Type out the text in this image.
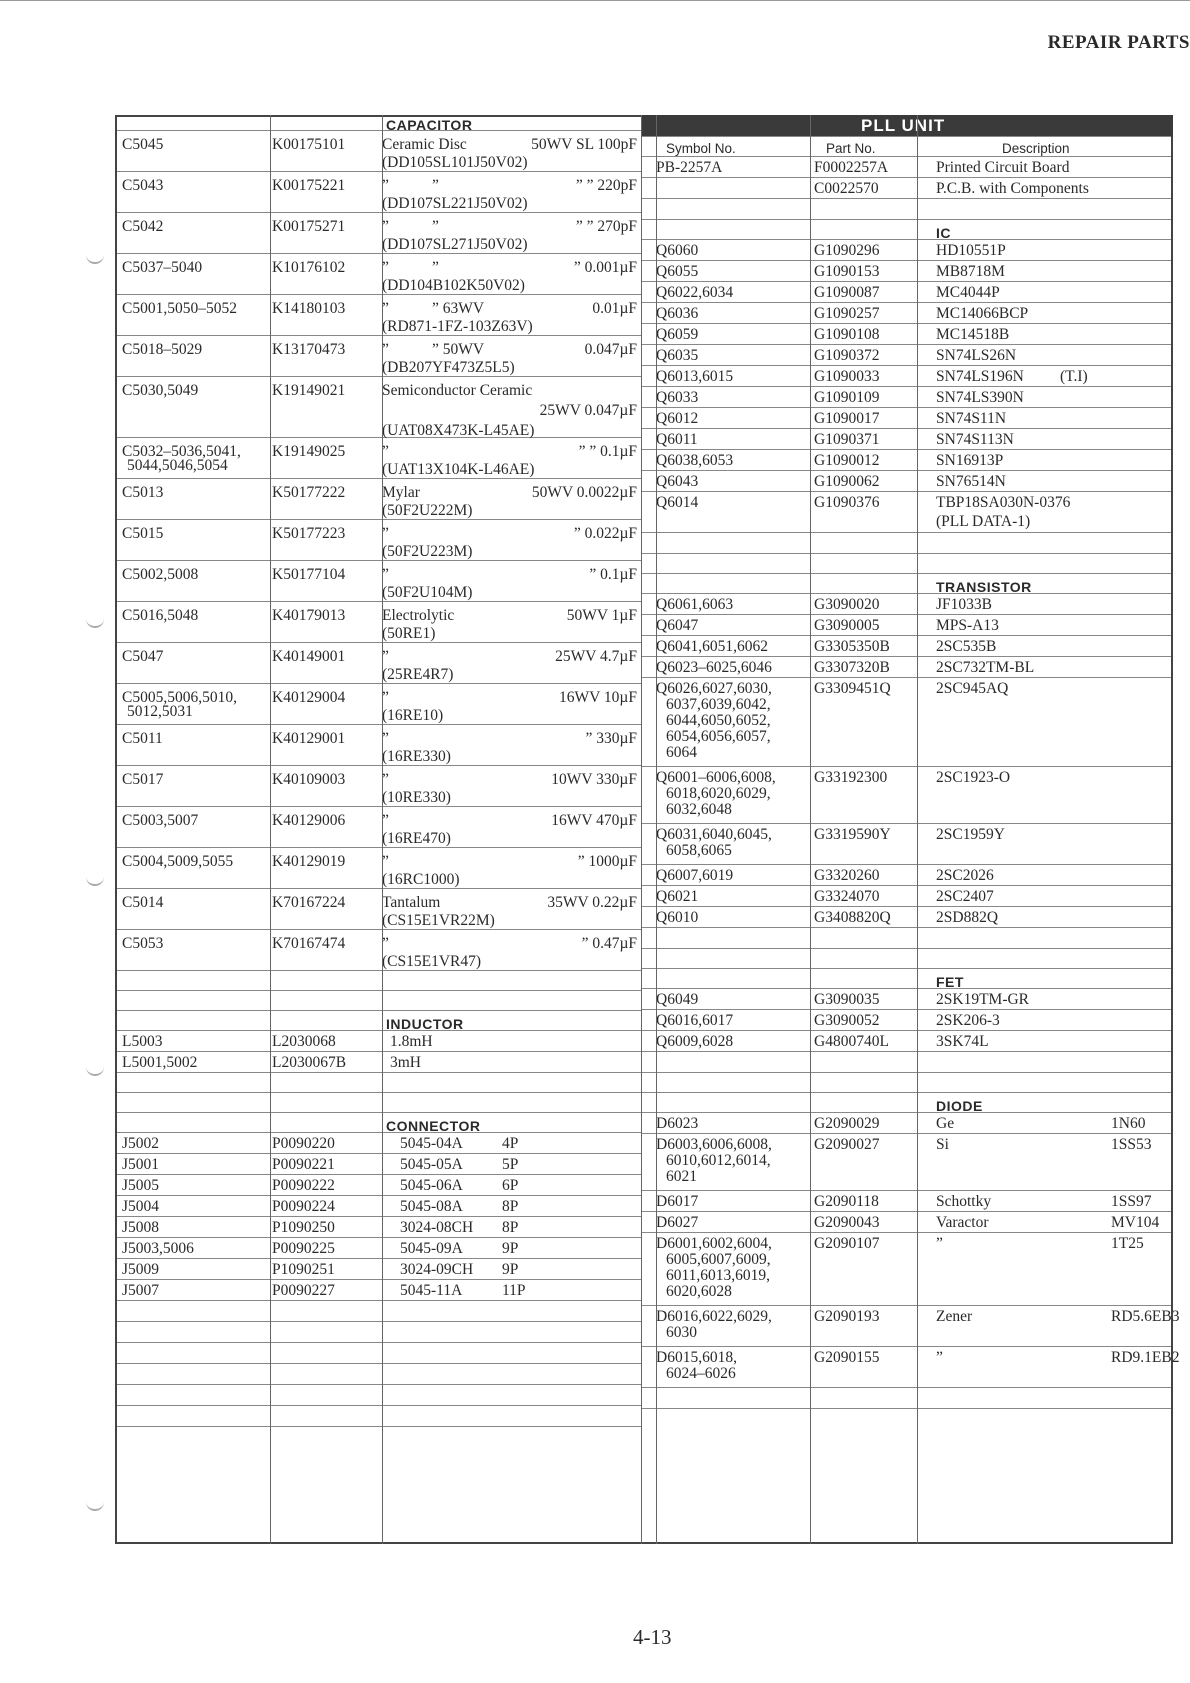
REPAIR PARTS
PLL UNIT
CAPACITOR
C5045	K00175101 Ceramic Disc	50WV SL 100pF
(DD105SL101J50V02)
C5043	K00175221 ”	”	” ” 220pF
(DD107SL221J50V02)
C5042	K00175271 ”	”	” ” 270pF
(DD107SL271J50V02)
C5037–5040	K10176102 ”	”	” 0.001µF
(DD104B102K50V02)
C5001,5050–5052 K14180103 ”	” 63WV	0.01µF
(RD871-1FZ-103Z63V)
C5018–5029	K13170473 ”	” 50WV	0.047µF
(DB207YF473Z5L5)
C5030,5049	K19149021 Semiconductor Ceramic
25WV 0.047µF
(UAT08X473K-L45AE)
C5032–5036,5041,
5044,5046,5054
K19149025 ”	” ” 0.1µF
(UAT13X104K-L46AE)
C5013	K50177222 Mylar	50WV 0.0022µF
(50F2U222M)
C5015	K50177223 ”	” 0.022µF
(50F2U223M)
C5002,5008	K50177104 ”	” 0.1µF
(50F2U104M)
C5016,5048	K40179013 Electrolytic	50WV 1µF
(50RE1)
C5047	K40149001 ”	25WV 4.7µF
(25RE4R7)
C5005,5006,5010,
5012,5031
K40129004 ”	16WV 10µF
(16RE10)
C5011	K40129001 ”	” 330µF
(16RE330)
C5017	K40109003 ”	10WV 330µF
(10RE330)
C5003,5007	K40129006 ”	16WV 470µF
(16RE470)
C5004,5009,5055	K40129019 ”	” 1000µF
(16RC1000)
C5014	K70167224 Tantalum	35WV 0.22µF
(CS15E1VR22M)
C5053	K70167474 ”	” 0.47µF
(CS15E1VR47)
INDUCTOR
L5003	L2030068	1.8mH
L5001,5002	L2030067B	3mH
CONNECTOR
J5002	P0090220	5045-04A	4P
J5001	P0090221	5045-05A	5P
J5005	P0090222	5045-06A	6P
J5004	P0090224	5045-08A	8P
J5008	P1090250	3024-08CH 8P
J5003,5006	P0090225	5045-09A	9P
J5009	P1090251	3024-09CH 9P
J5007	P0090227	5045-11A	11P
Symbol No.	Part No.	Description
PB-2257A	F0002257A	Printed Circuit Board
C0022570	P.C.B. with Components
IC
Q6060	G1090296	HD10551P
Q6055	G1090153	MB8718M
Q6022,6034	G1090087	MC4044P
Q6036	G1090257	MC14066BCP
Q6059	G1090108	MC14518B
Q6035	G1090372	SN74LS26N
Q6013,6015	G1090033	SN74LS196N (T.I)
Q6033	G1090109	SN74LS390N
Q6012	G1090017	SN74S11N
Q6011	G1090371	SN74S113N
Q6038,6053	G1090012	SN16913P
Q6043	G1090062	SN76514N
Q6014	G1090376	TBP18SA030N-0376
(PLL DATA-1)
TRANSISTOR
Q6061,6063	G3090020	JF1033B
Q6047	G3090005	MPS-A13
Q6041,6051,6062	G3305350B	2SC535B
Q6023–6025,6046	G3307320B	2SC732TM-BL
Q6026,6027,6030,
6037,6039,6042,
6044,6050,6052,
6054,6056,6057,
6064
G3309451Q	2SC945AQ
Q6001–6006,6008,
6018,6020,6029,
6032,6048
G33192300	2SC1923-O
Q6031,6040,6045,
6058,6065
G3319590Y	2SC1959Y
Q6007,6019	G3320260	2SC2026
Q6021	G3324070	2SC2407
Q6010	G3408820Q	2SD882Q
FET
Q6049	G3090035	2SK19TM-GR
Q6016,6017	G3090052	2SK206-3
Q6009,6028	G4800740L	3SK74L
DIODE
D6023	G2090029	Ge	1N60
D6003,6006,6008,
6010,6012,6014,
6021
G2090027	Si	1SS53
D6017	G2090118	Schottky	1SS97
D6027	G2090043	Varactor	MV104
D6001,6002,6004,
6005,6007,6009,
6011,6013,6019,
6020,6028
G2090107	”	1T25
D6016,6022,6029,
6030
G2090193	Zener	RD5.6EB3
D6015,6018,
6024–6026
G2090155	”	RD9.1EB2
4-13
